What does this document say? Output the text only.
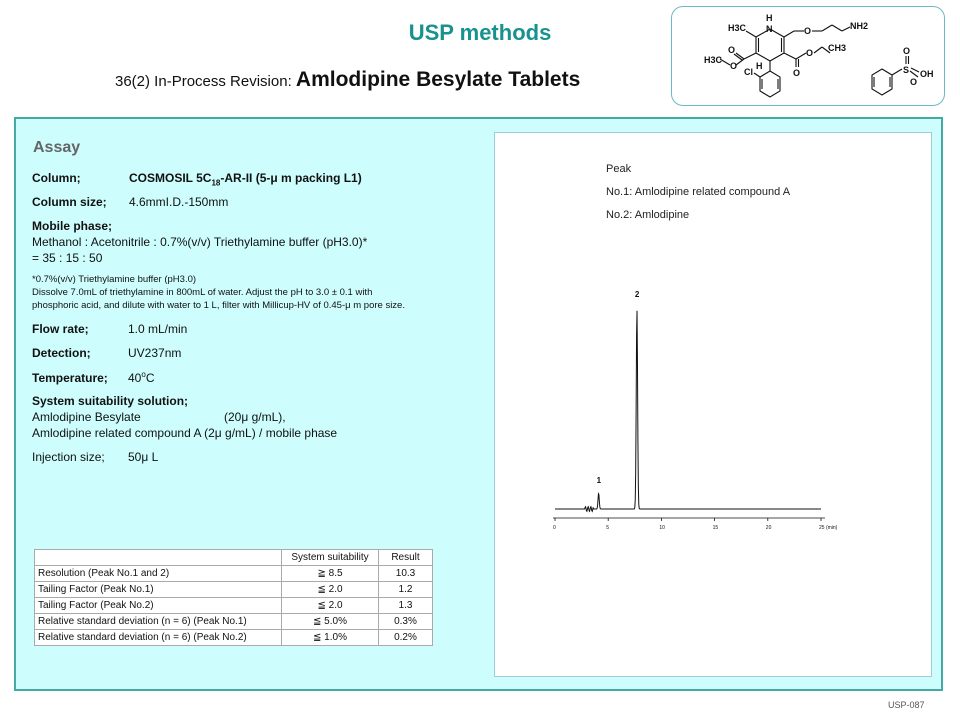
USP methods
36(2) In-Process Revision: Amlodipine Besylate Tablets
H
N
H3C	NH2
O
O
H3C
O H
O
O CH3
Cl	S
O
O
OH
Assay
Column;	COSMOSIL $5C_{18}-AR-II$ (5-μ m packing L1)
Column size; 4.6mmI.D.-150mm
Mobile phase;
Methanol : Acetonitrile : 0.7%(v/v) Triethylamine buffer (pH3.0)*
= 35 : 15 : 50
*0.7%(v/v) Triethylamine buffer (pH3.0)
Dissolve 7.0mL of triethylamine in 800mL of water. Adjust the pH to 3.0 ± 0.1 with
phosphoric acid, and dilute with water to 1 L, filter with Millicup-HV of 0.45-μ m pore size.
Flow rate;	1.0 mL/min
Detection;	UV237nm
Temperature; 40$^o$C
System suitability solution;
Amlodipine Besylate	(20μ g/mL),
Amlodipine related compound A (2μ g/mL) / mobile phase
Injection size; 50μ L
Peak
No.1: Amlodipine related compound A
No.2: Amlodipine
0	5	10	15	20	25 (min)
1
2
	System suitability	Result
Resolution (Peak No.1 and 2)	≧ 8.5	10.3
Tailing Factor (Peak No.1)	≦ 2.0	1.2
Tailing Factor (Peak No.2)	≦ 2.0	1.3
Relative standard deviation (n = 6) (Peak No.1)	≦ 5.0%	0.3%
Relative standard deviation (n = 6) (Peak No.2)	≦ 1.0%	0.2%
USP-087
